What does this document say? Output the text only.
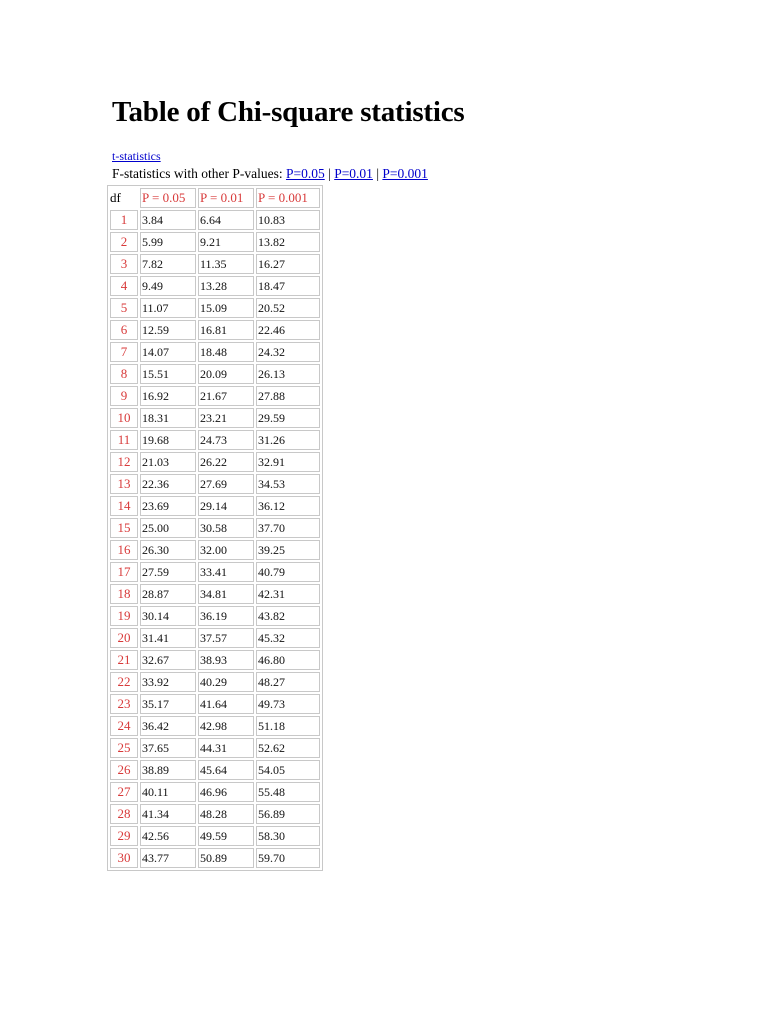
Table of Chi-square statistics
t-statistics
F-statistics with other P-values: P=0.05 | P=0.01 | P=0.001
df	P = 0.05	P = 0.01	P = 0.001
1	3.84	6.64	10.83
2	5.99	9.21	13.82
3	7.82	11.35	16.27
4	9.49	13.28	18.47
5	11.07	15.09	20.52
6	12.59	16.81	22.46
7	14.07	18.48	24.32
8	15.51	20.09	26.13
9	16.92	21.67	27.88
10	18.31	23.21	29.59
11	19.68	24.73	31.26
12	21.03	26.22	32.91
13	22.36	27.69	34.53
14	23.69	29.14	36.12
15	25.00	30.58	37.70
16	26.30	32.00	39.25
17	27.59	33.41	40.79
18	28.87	34.81	42.31
19	30.14	36.19	43.82
20	31.41	37.57	45.32
21	32.67	38.93	46.80
22	33.92	40.29	48.27
23	35.17	41.64	49.73
24	36.42	42.98	51.18
25	37.65	44.31	52.62
26	38.89	45.64	54.05
27	40.11	46.96	55.48
28	41.34	48.28	56.89
29	42.56	49.59	58.30
30	43.77	50.89	59.70
